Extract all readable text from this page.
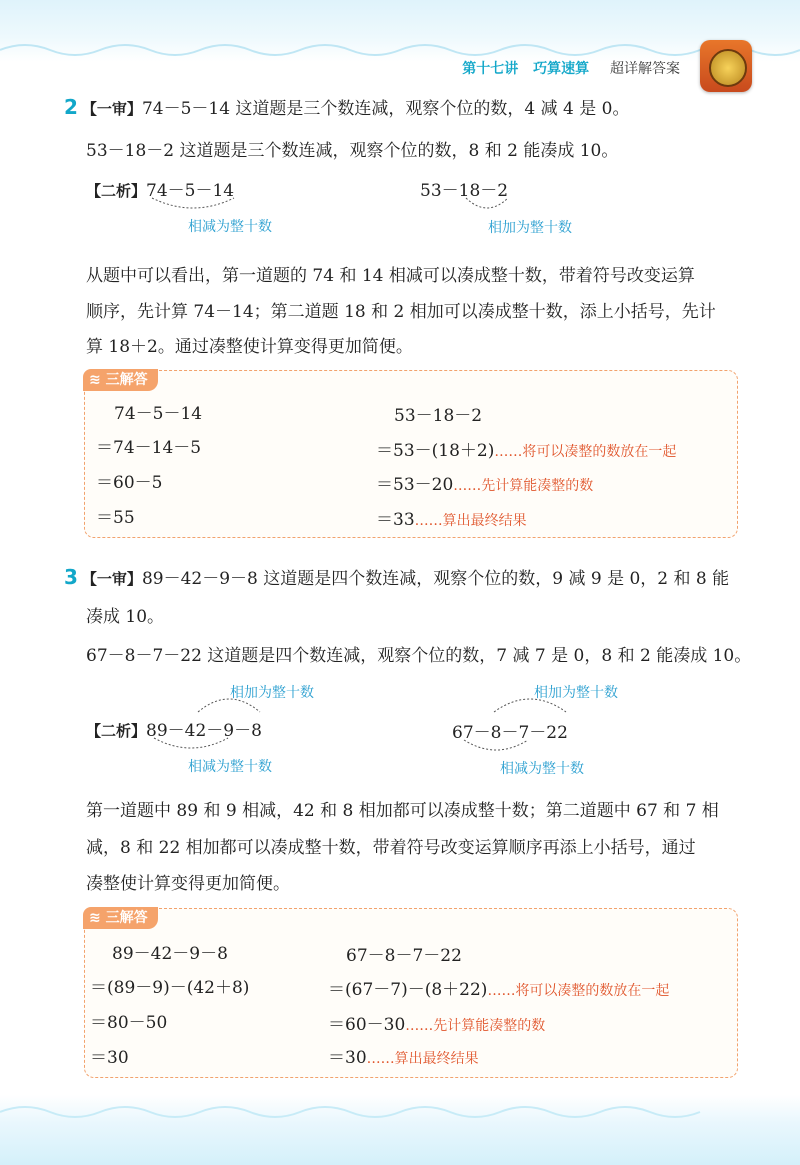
第十七讲 巧算速算 超详解答案
2 【一审】74－5－14 这道题是三个数连减，观察个位的数，4 减 4 是 0。
53－18－2 这道题是三个数连减，观察个位的数，8 和 2 能凑成 10。
【二析】74－5－14
相减为整十数
53－18－2
相加为整十数
从题中可以看出，第一道题的 74 和 14 相减可以凑成整十数，带着符号改变运算
顺序，先计算 74－14；第二道题 18 和 2 相加可以凑成整十数，添上小括号，先计
算 18＋2。通过凑整使计算变得更加简便。
≋ 三解答
74－5－14
＝74－14－5
＝60－5
＝55
53－18－2
＝53－(18＋2)……将可以凑整的数放在一起
＝53－20……先计算能凑整的数
＝33……算出最终结果
3 【一审】89－42－9－8 这道题是四个数连减，观察个位的数，9 减 9 是 0，2 和 8 能
凑成 10。
67－8－7－22 这道题是四个数连减，观察个位的数，7 减 7 是 0，8 和 2 能凑成 10。
相加为整十数
【二析】89－42－9－8
相减为整十数
相加为整十数
67－8－7－22
相减为整十数
第一道题中 89 和 9 相减，42 和 8 相加都可以凑成整十数；第二道题中 67 和 7 相
减，8 和 22 相加都可以凑成整十数，带着符号改变运算顺序再添上小括号，通过
凑整使计算变得更加简便。
≋ 三解答
89－42－9－8
＝(89－9)－(42＋8)
＝80－50
＝30
67－8－7－22
＝(67－7)－(8＋22)……将可以凑整的数放在一起
＝60－30……先计算能凑整的数
＝30……算出最终结果
